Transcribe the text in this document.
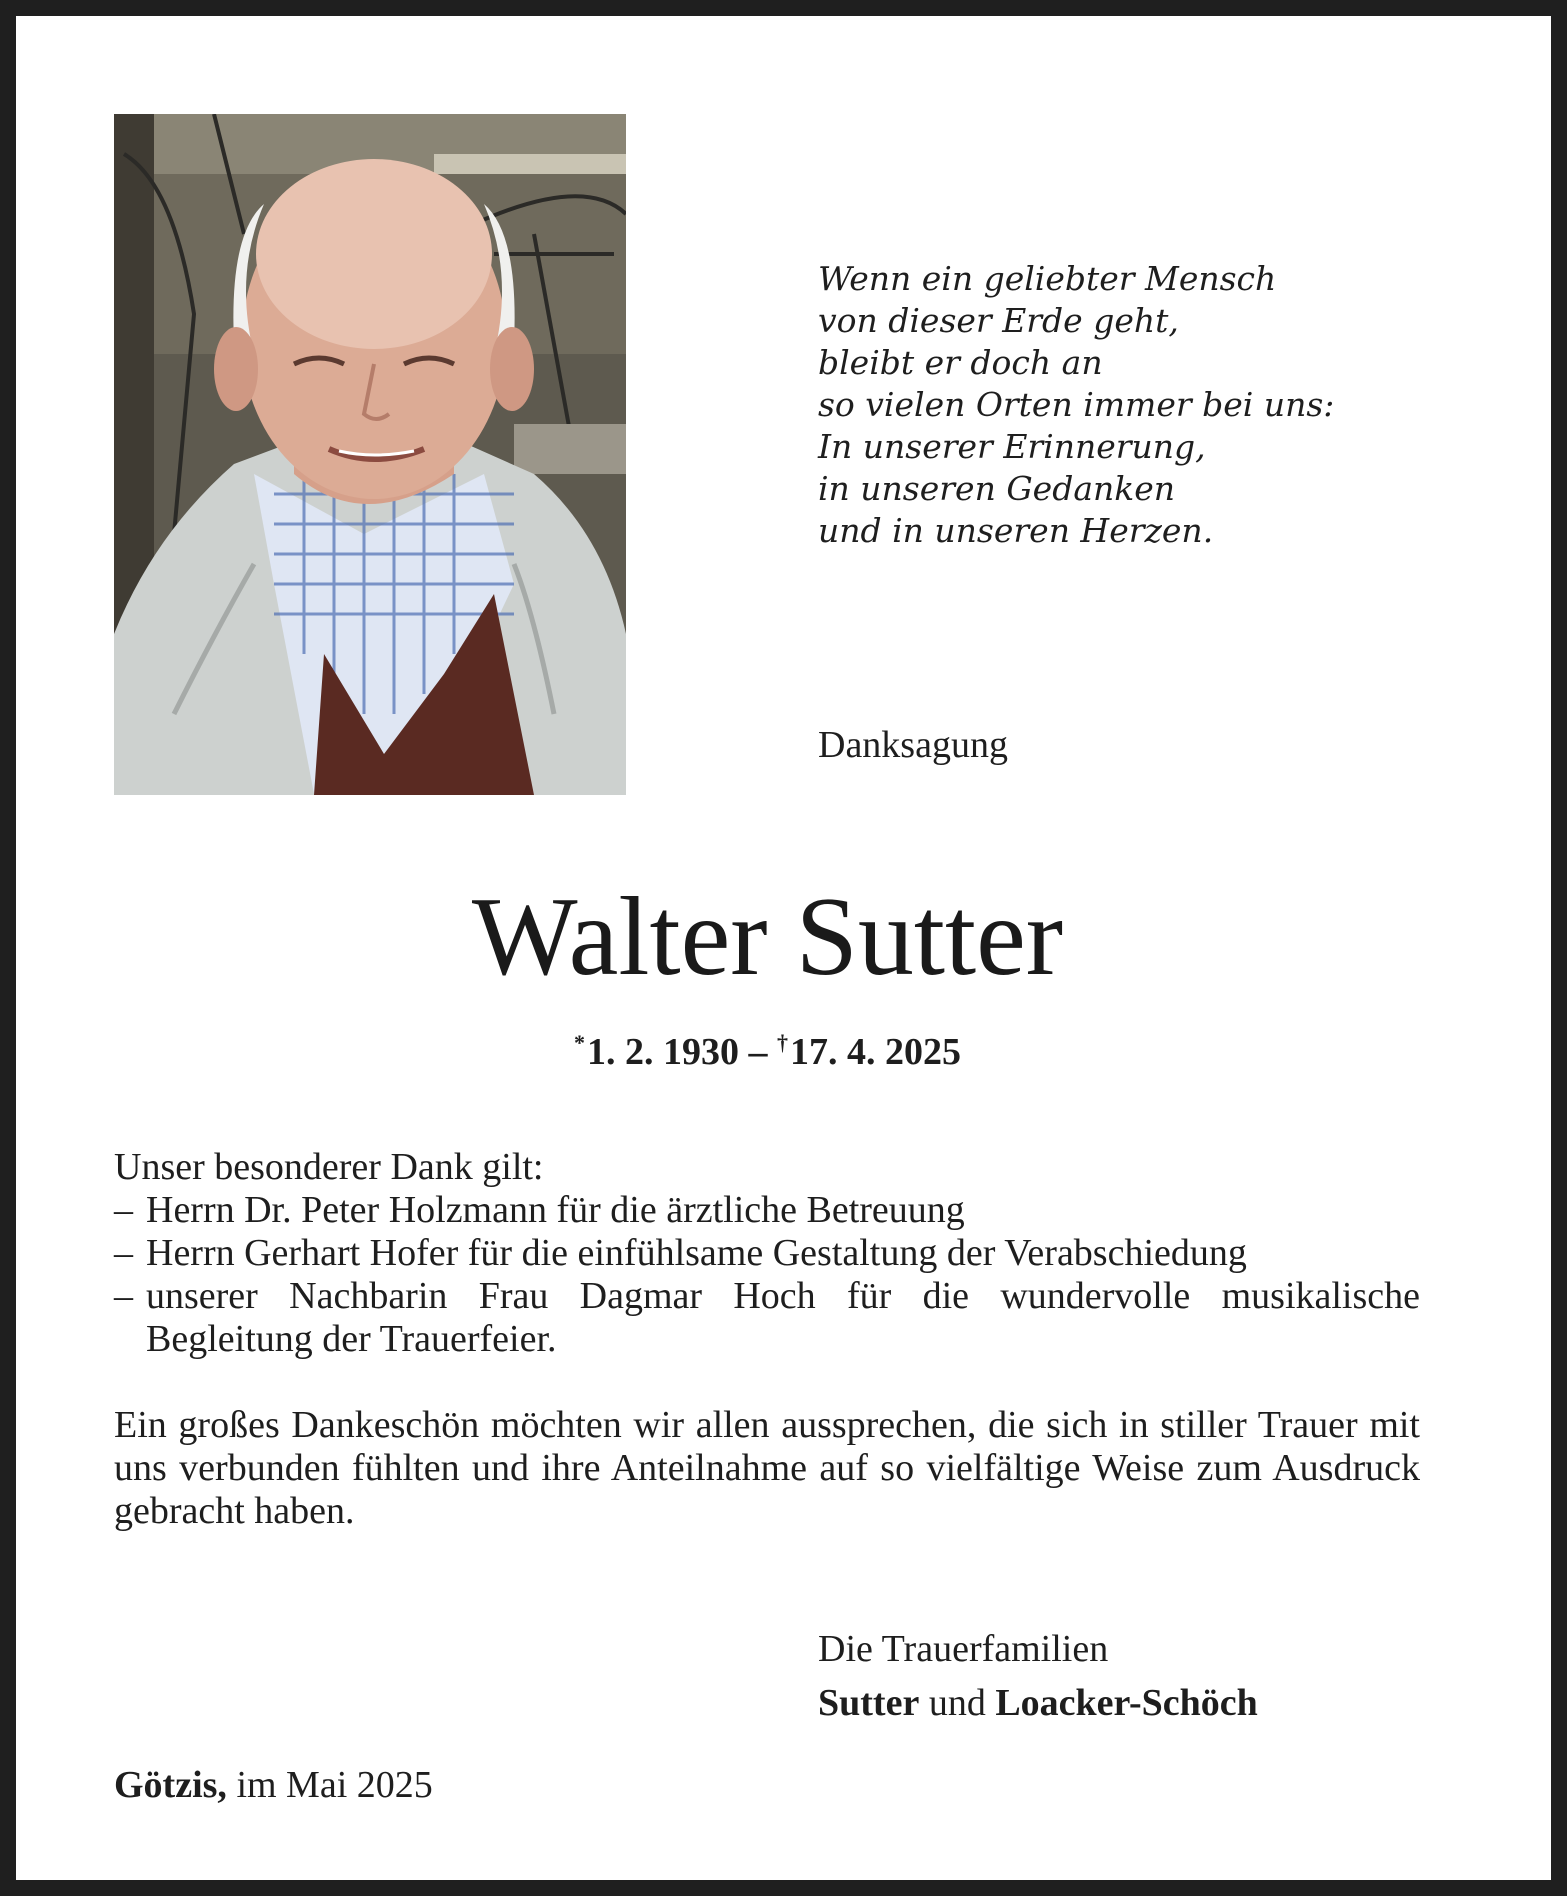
Wenn ein geliebter Mensch
von dieser Erde geht,
bleibt er doch an
so vielen Orten immer bei uns:
In unserer Erinnerung,
in unseren Gedanken
und in unseren Herzen.
Danksagung
Walter Sutter
*1. 2. 1930 – †17. 4. 2025

Unser besonderer Dank gilt:

– Herrn Dr. Peter Holzmann für die ärztliche Betreuung
– Herrn Gerhart Hofer für die einfühlsame Gestaltung der Verabschiedung
– unserer Nachbarin Frau Dagmar Hoch für die wundervolle musikalische Begleitung der Trauerfeier.

Ein großes Dankeschön möchten wir allen aussprechen, die sich in stiller Trauer mit uns verbunden fühlten und ihre Anteilnahme auf so vielfältige Weise zum Ausdruck gebracht haben.

Die Trauerfamilien
Sutter und Loacker-Schöch
Götzis, im Mai 2025
